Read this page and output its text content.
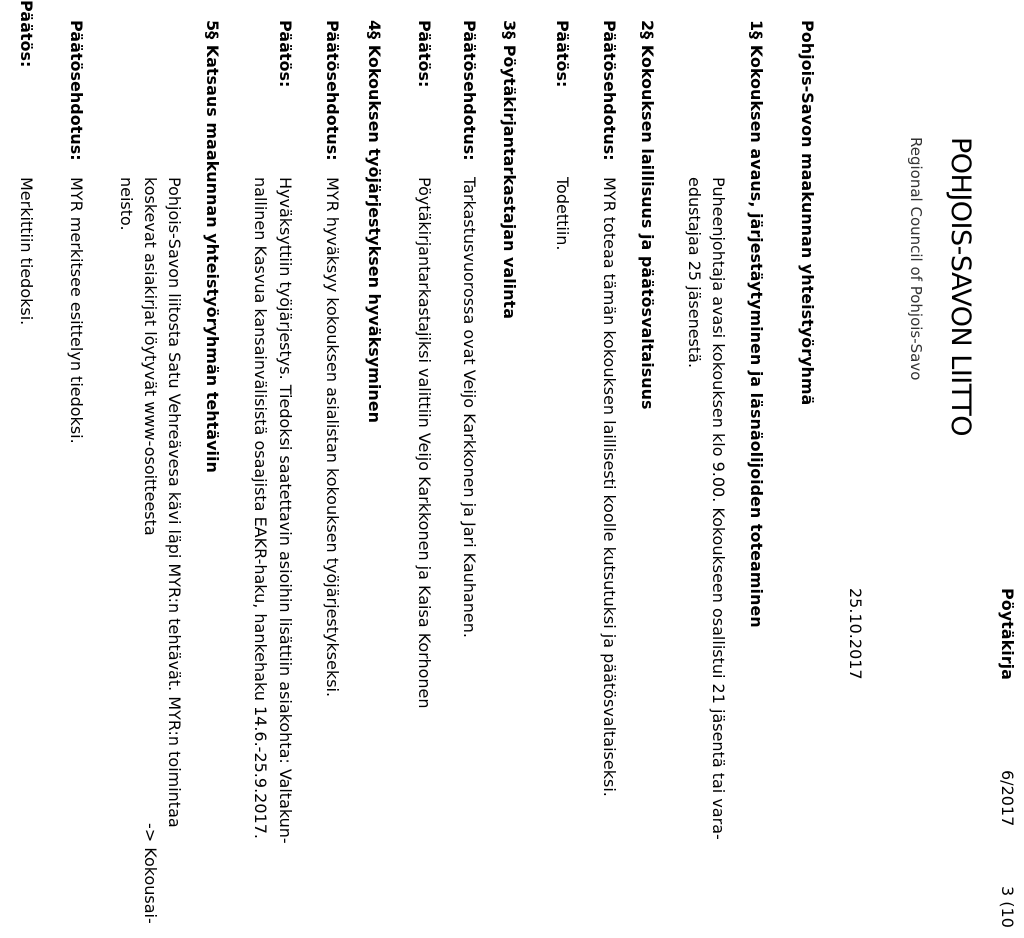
POHJOIS-SAVON LIITTO
Regional Council of Pohjois-Savo
Pöytäkirja
6/2017
3 (10
25.10.2017
Pohjois-Savon maakunnan yhteistyöryhmä
1§ Kokouksen avaus, järjestäytyminen ja läsnäolijoiden toteaminen
Puheenjohtaja avasi kokouksen klo 9.00. Kokoukseen osallistui 21 jäsentä tai vara-
edustajaa 25 jäsenestä.
2§ Kokouksen laillisuus ja päätösvaltaisuus
Päätösehdotus:
MYR toteaa tämän kokouksen laillisesti koolle kutsutuksi ja päätösvaltaiseksi.
Päätös:
Todettiin.
3§ Pöytäkirjantarkastajan valinta
Päätösehdotus:
Tarkastusvuorossa ovat Veijo Karkkonen ja Jari Kauhanen.
Päätös:
Pöytäkirjantarkastajiksi valittiin Veijo Karkkonen ja Kaisa Korhonen
4§ Kokouksen työjärjestyksen hyväksyminen
Päätösehdotus:
MYR hyväksyy kokouksen asialistan kokouksen työjärjestykseksi.
Päätös:
Hyväksyttiin työjärjestys. Tiedoksi saatettavin asioihin lisättiin asiakohta: Valtakun-
nallinen Kasvua kansainvälisistä osaajista EAKR-haku, hankehaku 14.6.-25.9.2017.
5§ Katsaus maakunnan yhteistyöryhmän tehtäviin
Pohjois-Savon liitosta Satu Vehreävesa kävi läpi MYR:n tehtävät. MYR:n toimintaa
koskevat asiakirjat löytyvät www-osoitteesta
-> Kokousai-
neisto.
Päätösehdotus:
MYR merkitsee esittelyn tiedoksi.
Päätös:
Merkittiin tiedoksi.
